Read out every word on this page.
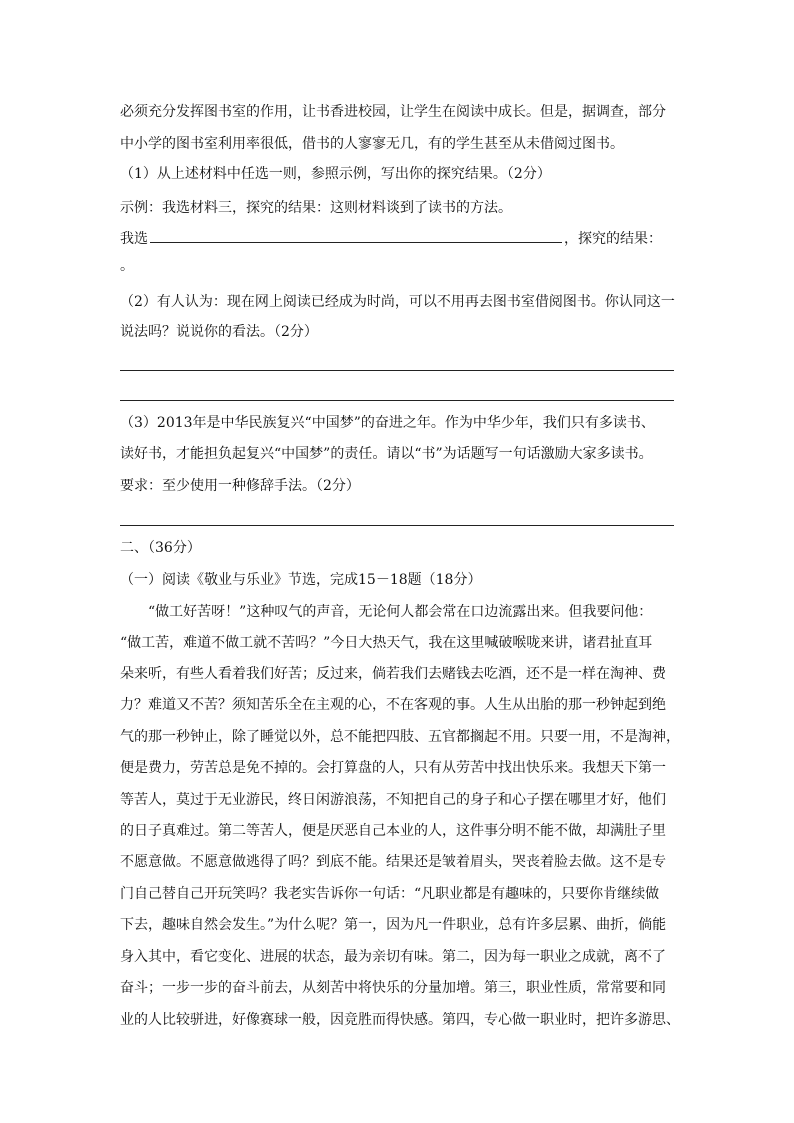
必须充分发挥图书室的作用，让书香进校园，让学生在阅读中成长。但是，据调查，部分
中小学的图书室利用率很低，借书的人寥寥无几，有的学生甚至从未借阅过图书。
（1）从上述材料中任选一则，参照示例，写出你的探究结果。（2分）
示例：我选材料三，探究的结果：这则材料谈到了读书的方法。
我选	，探究的结果：
。
（2）有人认为：现在网上阅读已经成为时尚，可以不用再去图书室借阅图书。你认同这一
说法吗？说说你的看法。（2分）
（3）2013年是中华民族复兴“中国梦”的奋进之年。作为中华少年，我们只有多读书、
读好书，才能担负起复兴“中国梦”的责任。请以“书”为话题写一句话激励大家多读书。
要求：至少使用一种修辞手法。（2分）
二、（36分）
（一）阅读《敬业与乐业》节选，完成15－18题（18分）
“做工好苦呀！”这种叹气的声音，无论何人都会常在口边流露出来。但我要问他：
“做工苦，难道不做工就不苦吗？”今日大热天气，我在这里喊破喉咙来讲，诸君扯直耳
朵来听，有些人看着我们好苦；反过来，倘若我们去赌钱去吃酒，还不是一样在淘神、费
力？难道又不苦？须知苦乐全在主观的心，不在客观的事。人生从出胎的那一秒钟起到绝
气的那一秒钟止，除了睡觉以外，总不能把四肢、五官都搁起不用。只要一用，不是淘神，
便是费力，劳苦总是免不掉的。会打算盘的人，只有从劳苦中找出快乐来。我想天下第一
等苦人，莫过于无业游民，终日闲游浪荡，不知把自己的身子和心子摆在哪里才好，他们
的日子真难过。第二等苦人，便是厌恶自己本业的人，这件事分明不能不做，却满肚子里
不愿意做。不愿意做逃得了吗？到底不能。结果还是皱着眉头，哭丧着脸去做。这不是专
门自己替自己开玩笑吗？我老实告诉你一句话：“凡职业都是有趣味的，只要你肯继续做
下去，趣味自然会发生。”为什么呢？第一，因为凡一件职业，总有许多层累、曲折，倘能
身入其中，看它变化、进展的状态，最为亲切有味。第二，因为每一职业之成就，离不了
奋斗；一步一步的奋斗前去，从刻苦中将快乐的分量加增。第三，职业性质，常常要和同
业的人比较骈进，好像赛球一般，因竞胜而得快感。第四，专心做一职业时，把许多游思、
